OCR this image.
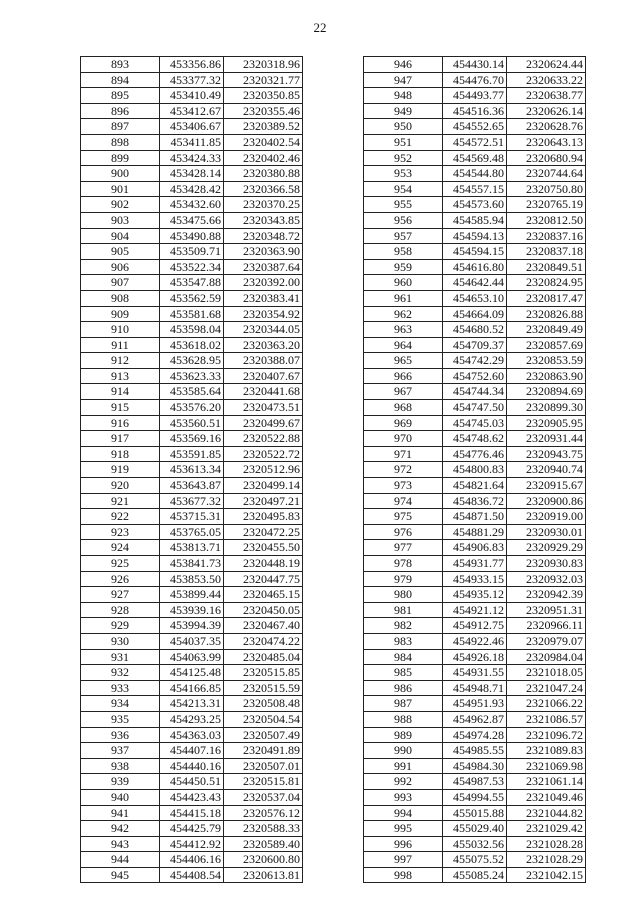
22
893	453356.86	2320318.96
894	453377.32	2320321.77
895	453410.49	2320350.85
896	453412.67	2320355.46
897	453406.67	2320389.52
898	453411.85	2320402.54
899	453424.33	2320402.46
900	453428.14	2320380.88
901	453428.42	2320366.58
902	453432.60	2320370.25
903	453475.66	2320343.85
904	453490.88	2320348.72
905	453509.71	2320363.90
906	453522.34	2320387.64
907	453547.88	2320392.00
908	453562.59	2320383.41
909	453581.68	2320354.92
910	453598.04	2320344.05
911	453618.02	2320363.20
912	453628.95	2320388.07
913	453623.33	2320407.67
914	453585.64	2320441.68
915	453576.20	2320473.51
916	453560.51	2320499.67
917	453569.16	2320522.88
918	453591.85	2320522.72
919	453613.34	2320512.96
920	453643.87	2320499.14
921	453677.32	2320497.21
922	453715.31	2320495.83
923	453765.05	2320472.25
924	453813.71	2320455.50
925	453841.73	2320448.19
926	453853.50	2320447.75
927	453899.44	2320465.15
928	453939.16	2320450.05
929	453994.39	2320467.40
930	454037.35	2320474.22
931	454063.99	2320485.04
932	454125.48	2320515.85
933	454166.85	2320515.59
934	454213.31	2320508.48
935	454293.25	2320504.54
936	454363.03	2320507.49
937	454407.16	2320491.89
938	454440.16	2320507.01
939	454450.51	2320515.81
940	454423.43	2320537.04
941	454415.18	2320576.12
942	454425.79	2320588.33
943	454412.92	2320589.40
944	454406.16	2320600.80
945	454408.54	2320613.81
946	454430.14	2320624.44
947	454476.70	2320633.22
948	454493.77	2320638.77
949	454516.36	2320626.14
950	454552.65	2320628.76
951	454572.51	2320643.13
952	454569.48	2320680.94
953	454544.80	2320744.64
954	454557.15	2320750.80
955	454573.60	2320765.19
956	454585.94	2320812.50
957	454594.13	2320837.16
958	454594.15	2320837.18
959	454616.80	2320849.51
960	454642.44	2320824.95
961	454653.10	2320817.47
962	454664.09	2320826.88
963	454680.52	2320849.49
964	454709.37	2320857.69
965	454742.29	2320853.59
966	454752.60	2320863.90
967	454744.34	2320894.69
968	454747.50	2320899.30
969	454745.03	2320905.95
970	454748.62	2320931.44
971	454776.46	2320943.75
972	454800.83	2320940.74
973	454821.64	2320915.67
974	454836.72	2320900.86
975	454871.50	2320919.00
976	454881.29	2320930.01
977	454906.83	2320929.29
978	454931.77	2320930.83
979	454933.15	2320932.03
980	454935.12	2320942.39
981	454921.12	2320951.31
982	454912.75	2320966.11
983	454922.46	2320979.07
984	454926.18	2320984.04
985	454931.55	2321018.05
986	454948.71	2321047.24
987	454951.93	2321066.22
988	454962.87	2321086.57
989	454974.28	2321096.72
990	454985.55	2321089.83
991	454984.30	2321069.98
992	454987.53	2321061.14
993	454994.55	2321049.46
994	455015.88	2321044.82
995	455029.40	2321029.42
996	455032.56	2321028.28
997	455075.52	2321028.29
998	455085.24	2321042.15
